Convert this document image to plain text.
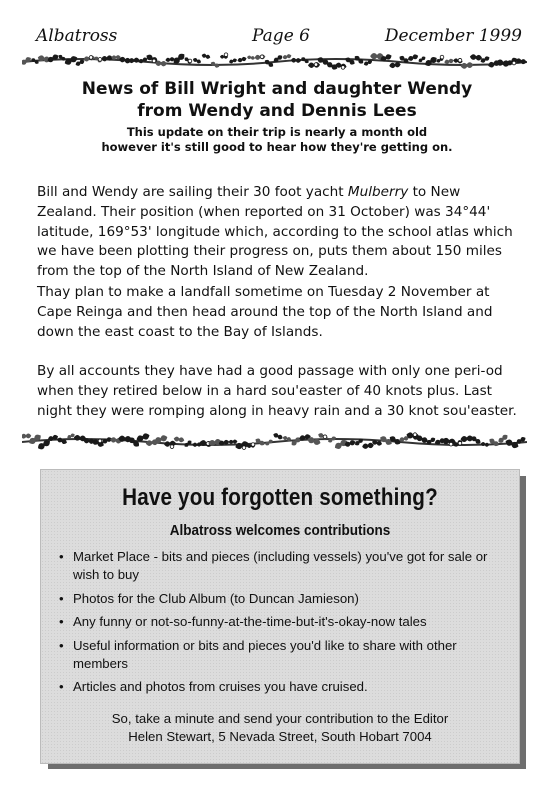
Albatross	Page 6	December 1999
News of Bill Wright and daughter Wendy
from Wendy and Dennis Lees
This update on their trip is nearly a month old
however it's still good to hear how they're getting on.

Bill and Wendy are sailing their 30 foot yacht Mulberry to New Zealand. Their position (when reported on 31 October) was 34°44' latitude, 169°53' longitude which, according to the school atlas which we have been plotting their progress on, puts them about 150 miles from the top of the North Island of New Zealand.

Thay plan to make a landfall sometime on Tuesday 2 November at Cape Reinga and then head around the top of the North Island and down the east coast to the Bay of Islands.

By all accounts they have had a good passage with only one peri-od when they retired below in a hard sou'easter of 40 knots plus. Last night they were romping along in heavy rain and a 30 knot sou'easter.

Have you forgotten something?
Albatross welcomes contributions
• Market Place - bits and pieces (including vessels) you've got for sale or wish to buy
• Photos for the Club Album (to Duncan Jamieson)
• Any funny or not-so-funny-at-the-time-but-it's-okay-now tales
• Useful information or bits and pieces you'd like to share with other members
• Articles and photos from cruises you have cruised.
So, take a minute and send your contribution to the Editor
Helen Stewart, 5 Nevada Street, South Hobart 7004
